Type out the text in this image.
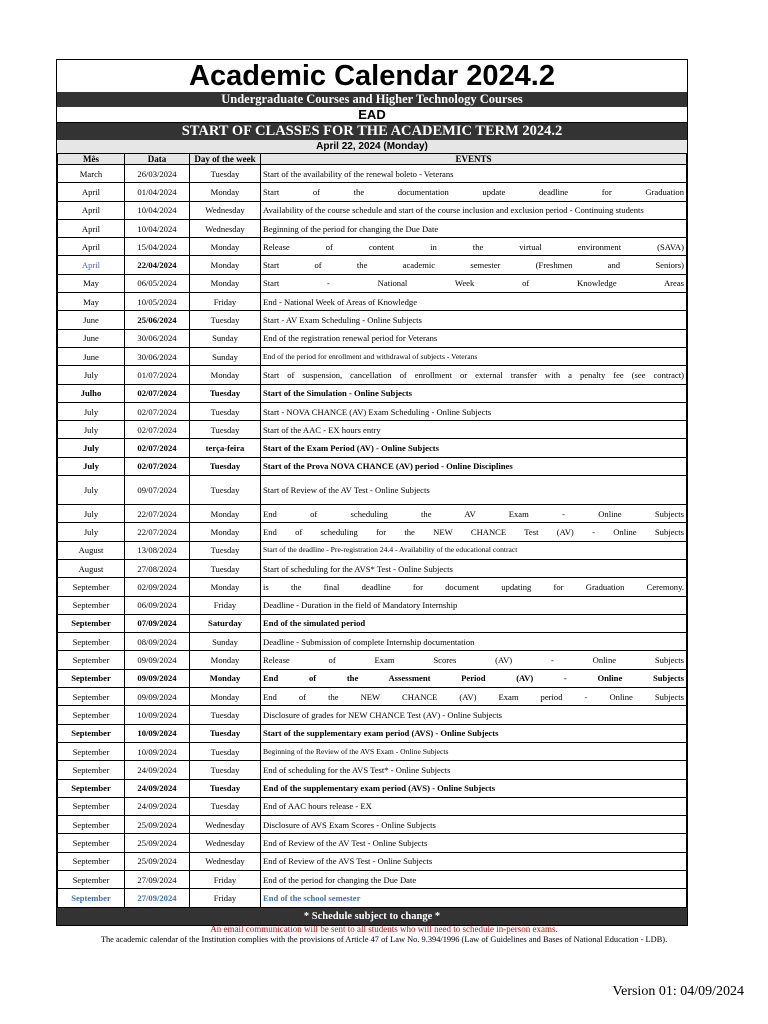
Academic Calendar 2024.2
Undergraduate Courses and Higher Technology Courses
EAD
START OF CLASSES FOR THE ACADEMIC TERM 2024.2
April 22, 2024 (Monday)
Mês	Data	Day of the week	EVENTS
March	26/03/2024	Tuesday	Start of the availability of the renewal boleto - Veterans
April	01/04/2024	Monday	Start of the documentation update deadline for Graduation
April	10/04/2024	Wednesday	Availability of the course schedule and start of the course inclusion and exclusion period - Continuing students
April	10/04/2024	Wednesday	Beginning of the period for changing the Due Date
April	15/04/2024	Monday	Release of content in the virtual environment (SAVA)
April	22/04/2024	Monday	Start of the academic semester (Freshmen and Seniors)
May	06/05/2024	Monday	Start - National Week of Knowledge Areas
May	10/05/2024	Friday	End - National Week of Areas of Knowledge
June	25/06/2024	Tuesday	Start - AV Exam Scheduling - Online Subjects
June	30/06/2024	Sunday	End of the registration renewal period for Veterans
June	30/06/2024	Sunday	End of the period for enrollment and withdrawal of subjects - Veterans
July	01/07/2024	Monday	Start of suspension, cancellation of enrollment or external transfer with a penalty fee (see contract)
Julho	02/07/2024	Tuesday	Start of the Simulation - Online Subjects
July	02/07/2024	Tuesday	Start - NOVA CHANCE (AV) Exam Scheduling - Online Subjects
July	02/07/2024	Tuesday	Start of the AAC - EX hours entry
July	02/07/2024	terça-feira	Start of the Exam Period (AV) - Online Subjects
July	02/07/2024	Tuesday	Start of the Prova NOVA CHANCE (AV) period - Online Disciplines
July	09/07/2024	Tuesday	Start of Review of the AV Test - Online Subjects
July	22/07/2024	Monday	End of scheduling the AV Exam - Online Subjects
July	22/07/2024	Monday	End of scheduling for the NEW CHANCE Test (AV) - Online Subjects
August	13/08/2024	Tuesday	Start of the deadline - Pre-registration 24.4 - Availability of the educational contract
August	27/08/2024	Tuesday	Start of scheduling for the AVS* Test - Online Subjects
September	02/09/2024	Monday	is the final deadline for document updating for Graduation Ceremony.
September	06/09/2024	Friday	Deadline - Duration in the field of Mandatory Internship
September	07/09/2024	Saturday	End of the simulated period
September	08/09/2024	Sunday	Deadline - Submission of complete Internship documentation
September	09/09/2024	Monday	Release of Exam Scores (AV) - Online Subjects
September	09/09/2024	Monday	End of the Assessment Period (AV) - Online Subjects
September	09/09/2024	Monday	End of the NEW CHANCE (AV) Exam period - Online Subjects
September	10/09/2024	Tuesday	Disclosure of grades for NEW CHANCE Test (AV) - Online Subjects
September	10/09/2024	Tuesday	Start of the supplementary exam period (AVS) - Online Subjects
September	10/09/2024	Tuesday	Beginning of the Review of the AVS Exam - Online Subjects
September	24/09/2024	Tuesday	End of scheduling for the AVS Test* - Online Subjects
September	24/09/2024	Tuesday	End of the supplementary exam period (AVS) - Online Subjects
September	24/09/2024	Tuesday	End of AAC hours release - EX
September	25/09/2024	Wednesday	Disclosure of AVS Exam Scores - Online Subjects
September	25/09/2024	Wednesday	End of Review of the AV Test - Online Subjects
September	25/09/2024	Wednesday	End of Review of the AVS Test - Online Subjects
September	27/09/2024	Friday	End of the period for changing the Due Date
September	27/09/2024	Friday	End of the school semester
* Schedule subject to change *
An email communication will be sent to all students who will need to schedule in-person exams.
The academic calendar of the Institution complies with the provisions of Article 47 of Law No. 9.394/1996 (Law of Guidelines and Bases of National Education - LDB).
Version 01: 04/09/2024
